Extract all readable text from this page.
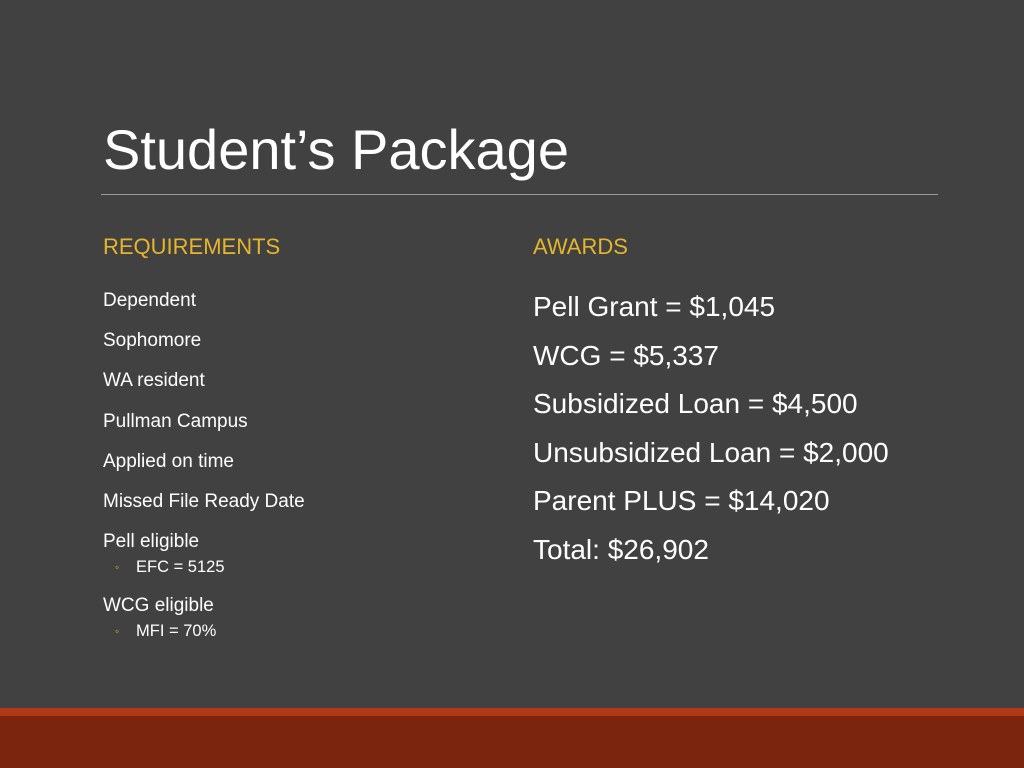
Student’s Package
REQUIREMENTS	AWARDS
Dependent
Sophomore
WA resident
Pullman Campus
Applied on time
Missed File Ready Date
Pell eligible
◦ EFC = 5125
WCG eligible
◦ MFI = 70%
Pell Grant = $1,045
WCG = $5,337
Subsidized Loan = $4,500
Unsubsidized Loan = $2,000
Parent PLUS = $14,020
Total: $26,902
